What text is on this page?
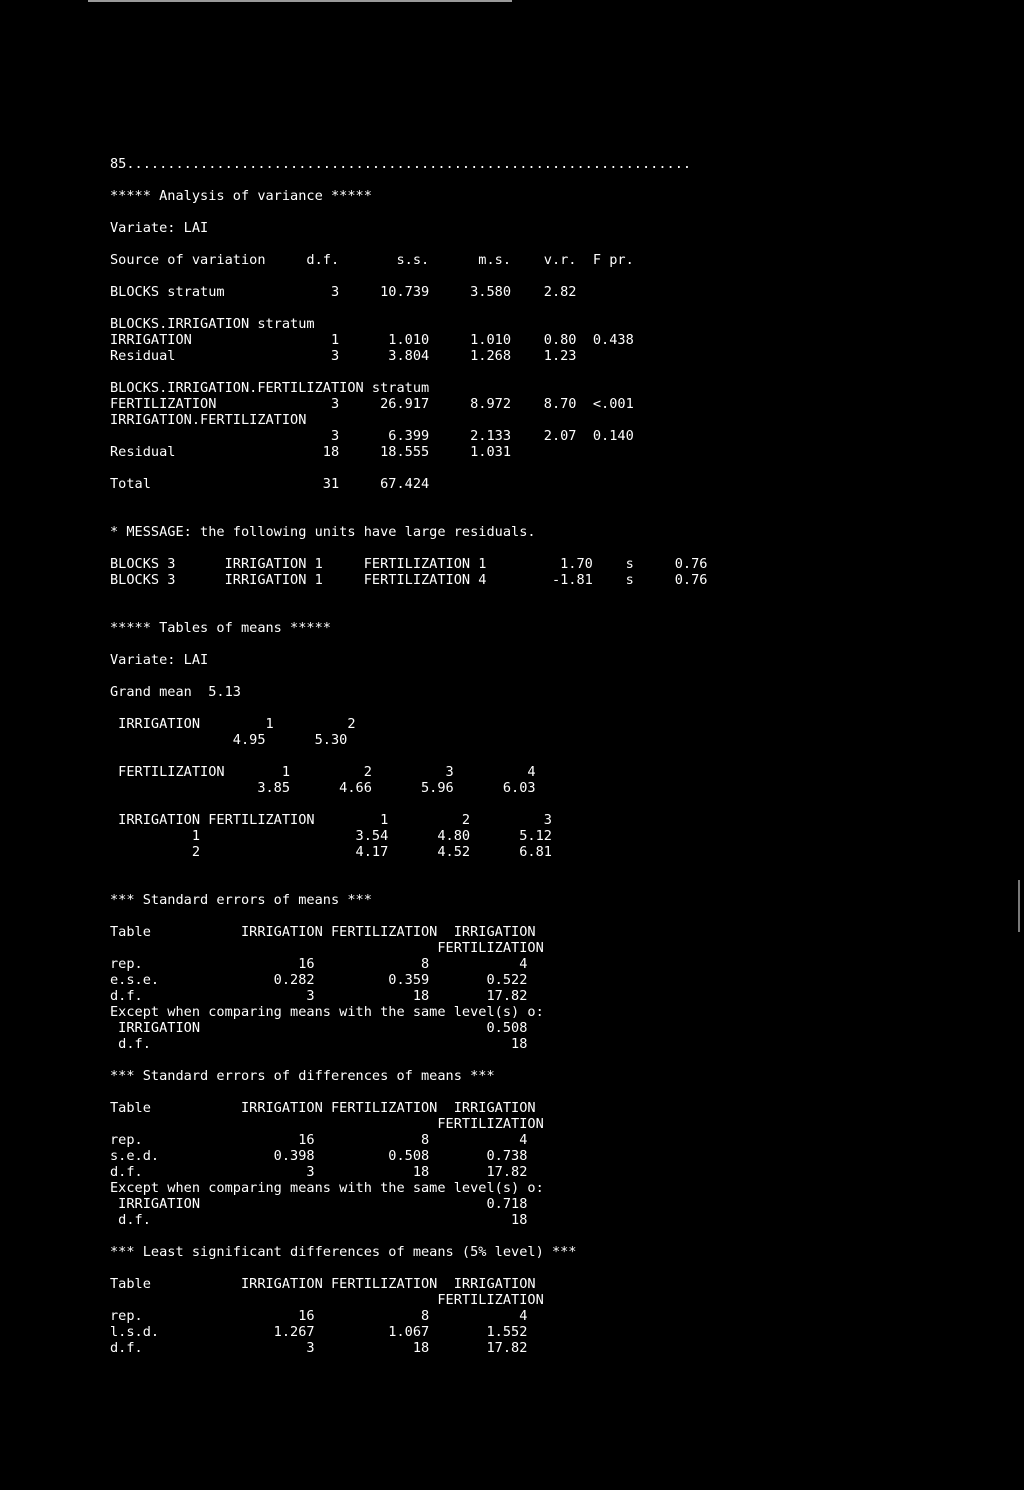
85.....................................................................

***** Analysis of variance *****

Variate: LAI

Source of variation     d.f.       s.s.      m.s.    v.r.  F pr.

BLOCKS stratum             3     10.739     3.580    2.82

BLOCKS.IRRIGATION stratum
IRRIGATION                 1      1.010     1.010    0.80  0.438
Residual                   3      3.804     1.268    1.23

BLOCKS.IRRIGATION.FERTILIZATION stratum
FERTILIZATION              3     26.917     8.972    8.70  <.001
IRRIGATION.FERTILIZATION
3      6.399     2.133    2.07  0.140
Residual                  18     18.555     1.031

Total                     31     67.424

* MESSAGE: the following units have large residuals.

BLOCKS 3      IRRIGATION 1     FERTILIZATION 1         1.70    s     0.76
BLOCKS 3      IRRIGATION 1     FERTILIZATION 4        -1.81    s     0.76

***** Tables of means *****

Variate: LAI

Grand mean  5.13

IRRIGATION        1         2
4.95      5.30

FERTILIZATION       1         2         3         4
3.85      4.66      5.96      6.03

IRRIGATION FERTILIZATION        1         2         3
1                   3.54      4.80      5.12
2                   4.17      4.52      6.81

*** Standard errors of means ***

Table           IRRIGATION FERTILIZATION  IRRIGATION
FERTILIZATION
rep.                   16             8           4
e.s.e.              0.282         0.359       0.522
d.f.                    3            18       17.82
Except when comparing means with the same level(s) o:
IRRIGATION                                   0.508
d.f.                                            18

*** Standard errors of differences of means ***

Table           IRRIGATION FERTILIZATION  IRRIGATION
FERTILIZATION
rep.                   16             8           4
s.e.d.              0.398         0.508       0.738
d.f.                    3            18       17.82
Except when comparing means with the same level(s) o:
IRRIGATION                                   0.718
d.f.                                            18

*** Least significant differences of means (5% level) ***

Table           IRRIGATION FERTILIZATION  IRRIGATION
FERTILIZATION
rep.                   16             8           4
l.s.d.              1.267         1.067       1.552
d.f.                    3            18       17.82
